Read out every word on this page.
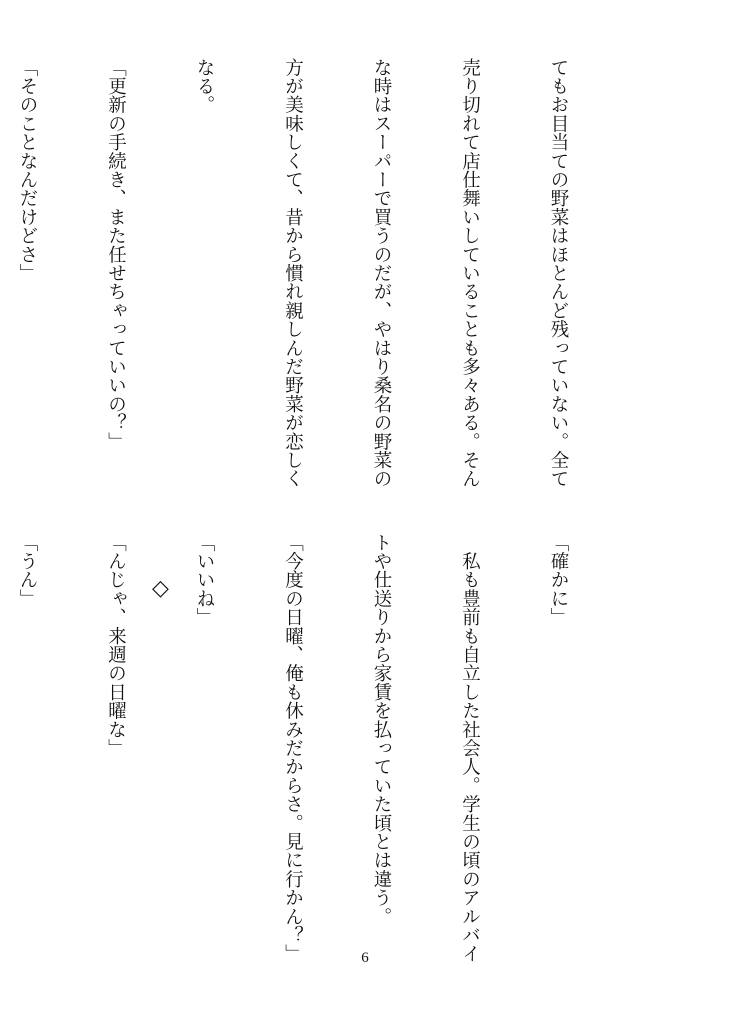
てもお目当ての野菜はほとんど残っていない。全て

売り切れて店仕舞いしていることも多々ある。そん

な時はスーパーで買うのだが、やはり桑名の野菜の

方が美味しくて、昔から慣れ親しんだ野菜が恋しく

なる。

「更新の手続き、また任せちゃっていいの？」

「そのことなんだけどさ」

◇

	「確かに」

　私も豊前も自立した社会人。学生の頃のアルバイ

トや仕送りから家賃を払っていた頃とは違う。

「今度の日曜、俺も休みだからさ。見に行かん？」

「いいね」

「んじゃ、来週の日曜な」

「うん」

6
